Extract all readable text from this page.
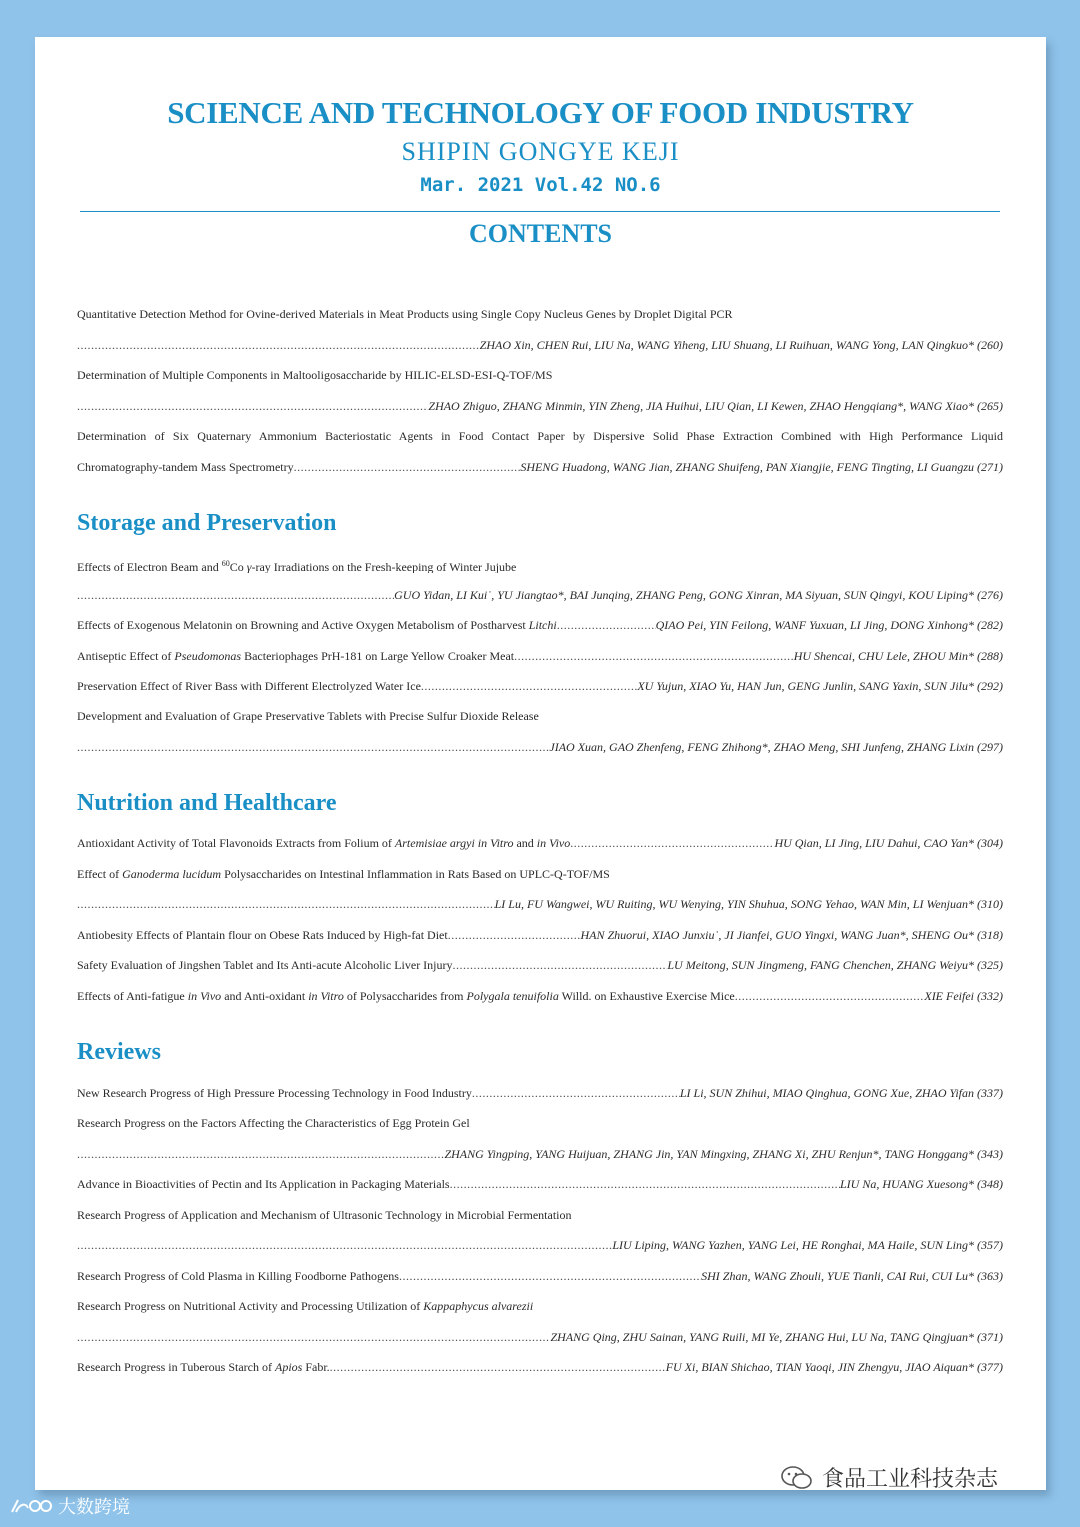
SCIENCE AND TECHNOLOGY OF FOOD INDUSTRY
SHIPIN GONGYE KEJI
Mar. 2021 Vol.42 NO.6
CONTENTS
Quantitative Detection Method for Ovine-derived Materials in Meat Products using Single Copy Nucleus Genes by Droplet Digital PCR
.....
ZHAO Xin, CHEN Rui, LIU Na, WANG Yiheng, LIU Shuang, LI Ruihuan, WANG Yong, LAN Qingkuo* (260)
Determination of Multiple Components in Maltooligosaccharide by HILIC-ELSD-ESI-Q-TOF/MS
.....
ZHAO Zhiguo, ZHANG Minmin, YIN Zheng, JIA Huihui, LIU Qian, LI Kewen, ZHAO Hengqiang*, WANG Xiao* (265)
Determination of Six Quaternary Ammonium Bacteriostatic Agents in Food Contact Paper by Dispersive Solid Phase Extraction Combined with High Performance Liquid
Chromatography-tandem Mass Spectrometry .....	SHENG Huadong, WANG Jian, ZHANG Shuifeng, PAN Xiangjie, FENG Tingting, LI Guangzu (271)
Storage and Preservation
Effects of Electron Beam and $^{60}$Co γ-ray Irradiations on the Fresh-keeping of Winter Jujube
.....
GUO Yidan, LI Kui˙, YU Jiangtao*, BAI Junqing, ZHANG Peng, GONG Xinran, MA Siyuan, SUN Qingyi, KOU Liping* (276)
Effects of Exogenous Melatonin on Browning and Active Oxygen Metabolism of Postharvest Litchi .....	QIAO Pei, YIN Feilong, WANF Yuxuan, LI Jing, DONG Xinhong* (282)
Antiseptic Effect of Pseudomonas Bacteriophages PrH-181 on Large Yellow Croaker Meat .....	HU Shencai, CHU Lele, ZHOU Min* (288)
Preservation Effect of River Bass with Different Electrolyzed Water Ice .....	XU Yujun, XIAO Yu, HAN Jun, GENG Junlin, SANG Yaxin, SUN Jilu* (292)
Development and Evaluation of Grape Preservative Tablets with Precise Sulfur Dioxide Release
.....
JIAO Xuan, GAO Zhenfeng, FENG Zhihong*, ZHAO Meng, SHI Junfeng, ZHANG Lixin (297)
Nutrition and Healthcare
Antioxidant Activity of Total Flavonoids Extracts from Folium of Artemisiae argyi in Vitro and in Vivo .....	HU Qian, LI Jing, LIU Dahui, CAO Yan* (304)
Effect of Ganoderma lucidum Polysaccharides on Intestinal Inflammation in Rats Based on UPLC-Q-TOF/MS
.....
LI Lu, FU Wangwei, WU Ruiting, WU Wenying, YIN Shuhua, SONG Yehao, WAN Min, LI Wenjuan* (310)
Antiobesity Effects of Plantain flour on Obese Rats Induced by High-fat Diet .....	HAN Zhuorui, XIAO Junxiu˙, JI Jianfei, GUO Yingxi, WANG Juan*, SHENG Ou* (318)
Safety Evaluation of Jingshen Tablet and Its Anti-acute Alcoholic Liver Injury .....	LU Meitong, SUN Jingmeng, FANG Chenchen, ZHANG Weiyu* (325)
Effects of Anti-fatigue in Vivo and Anti-oxidant in Vitro of Polysaccharides from Polygala tenuifolia Willd. on Exhaustive Exercise Mice .....	XIE Feifei (332)
Reviews
New Research Progress of High Pressure Processing Technology in Food Industry .....	LI Li, SUN Zhihui, MIAO Qinghua, GONG Xue, ZHAO Yifan (337)
Research Progress on the Factors Affecting the Characteristics of Egg Protein Gel
.....
ZHANG Yingping, YANG Huijuan, ZHANG Jin, YAN Mingxing, ZHANG Xi, ZHU Renjun*, TANG Honggang* (343)
Advance in Bioactivities of Pectin and Its Application in Packaging Materials .....	LIU Na, HUANG Xuesong* (348)
Research Progress of Application and Mechanism of Ultrasonic Technology in Microbial Fermentation
.....
LIU Liping, WANG Yazhen, YANG Lei, HE Ronghai, MA Haile, SUN Ling* (357)
Research Progress of Cold Plasma in Killing Foodborne Pathogens .....	SHI Zhan, WANG Zhouli, YUE Tianli, CAI Rui, CUI Lu* (363)
Research Progress on Nutritional Activity and Processing Utilization of Kappaphycus alvarezii
.....
ZHANG Qing, ZHU Sainan, YANG Ruili, MI Ye, ZHANG Hui, LU Na, TANG Qingjuan* (371)
Research Progress in Tuberous Starch of Apios Fabr. .....	FU Xi, BIAN Shichao, TIAN Yaoqi, JIN Zhengyu, JIAO Aiquan* (377)
食品工业科技杂志
大数跨境
